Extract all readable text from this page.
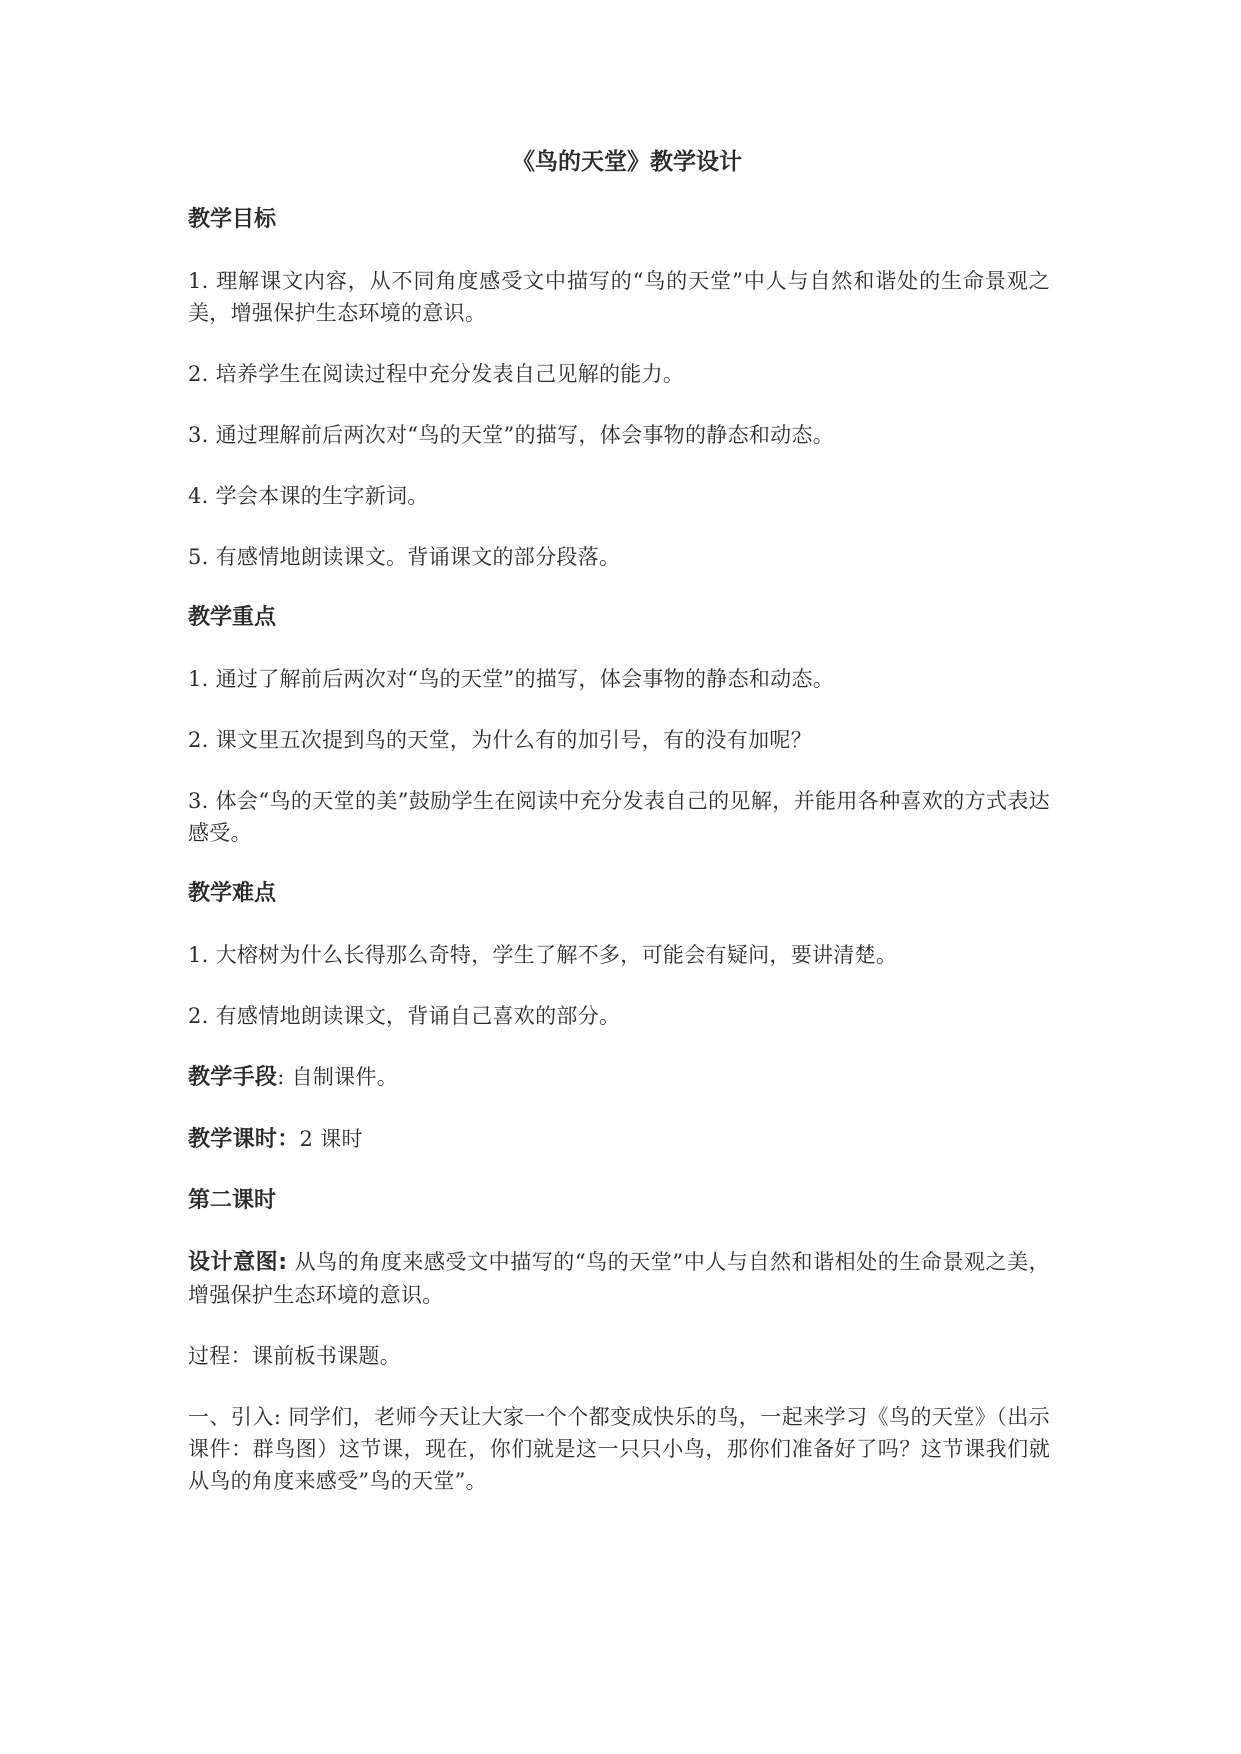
《鸟的天堂》教学设计
教学目标

1. 理解课文内容，从不同角度感受文中描写的“鸟的天堂”中人与自然和谐处的生命景观之美，增强保护生态环境的意识。

2. 培养学生在阅读过程中充分发表自己见解的能力。

3. 通过理解前后两次对“鸟的天堂”的描写，体会事物的静态和动态。

4. 学会本课的生字新词。

5. 有感情地朗读课文。背诵课文的部分段落。

教学重点

1. 通过了解前后两次对“鸟的天堂”的描写，体会事物的静态和动态。

2. 课文里五次提到鸟的天堂，为什么有的加引号，有的没有加呢？

3. 体会“鸟的天堂的美”鼓励学生在阅读中充分发表自己的见解，并能用各种喜欢的方式表达感受。

教学难点

1. 大榕树为什么长得那么奇特，学生了解不多，可能会有疑问，要讲清楚。

2. 有感情地朗读课文，背诵自己喜欢的部分。

教学手段: 自制课件。

教学课时：2 课时

第二课时

设计意图: 从鸟的角度来感受文中描写的“鸟的天堂”中人与自然和谐相处的生命景观之美，增强保护生态环境的意识。

过程：课前板书课题。

一、引入: 同学们，老师今天让大家一个个都变成快乐的鸟，一起来学习《鸟的天堂》（出示课件：群鸟图）这节课，现在，你们就是这一只只小鸟，那你们准备好了吗？这节课我们就从鸟的角度来感受”鸟的天堂”。
